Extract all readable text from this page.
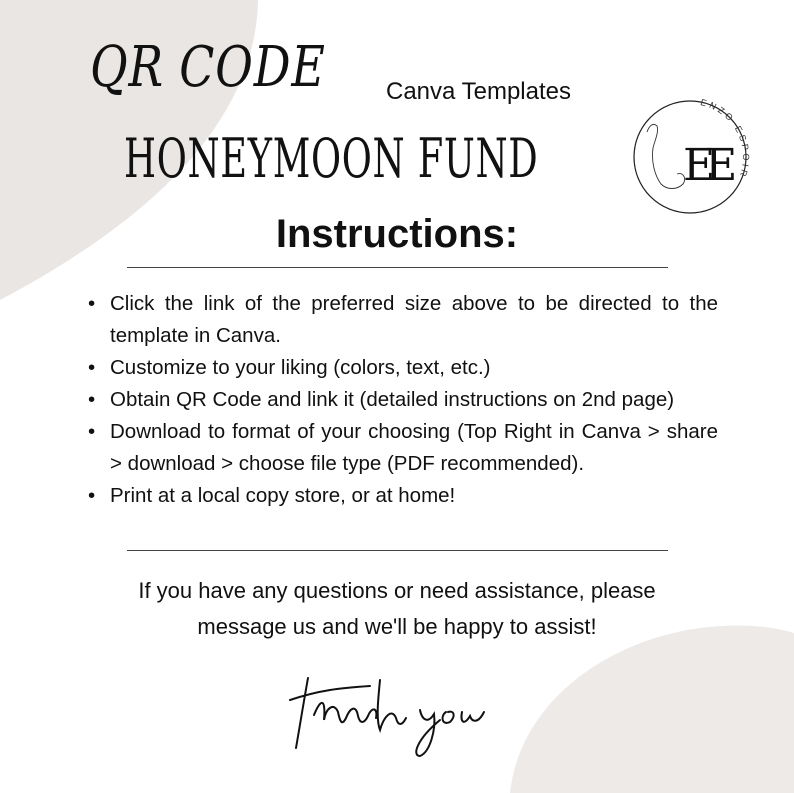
QR CODE	Canva Templates
HONEYMOON FUND	EE
ENZO ESPOIR
Instructions:
• Click the link of the preferred size above to be directed to the template in Canva.
• Customize to your liking (colors, text, etc.)
• Obtain QR Code and link it (detailed instructions on 2nd page)
• Download to format of your choosing (Top Right in Canva > share > download > choose file type (PDF recommended).
• Print at a local copy store, or at home!
If you have any questions or need assistance, please
message us and we'll be happy to assist!
thank you
